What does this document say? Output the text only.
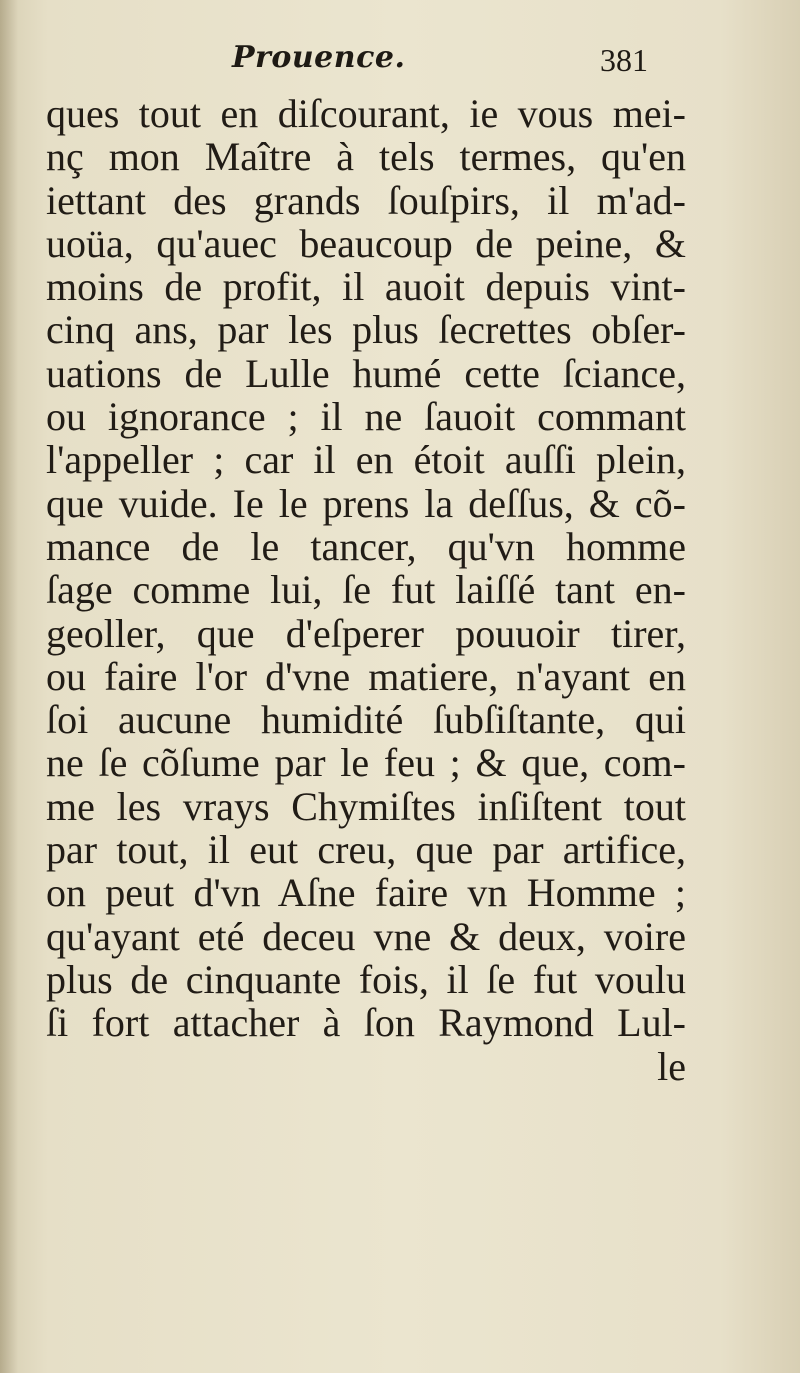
Prouence.	381
ques tout en diſcourant, ie vous mei-
nç mon Maître à tels termes, qu'en
iettant des grands ſouſpirs, il m'ad-
uoüa, qu'auec beaucoup de peine, &
moins de profit, il auoit depuis vint-
cinq ans, par les plus ſecrettes obſer-
uations de Lulle humé cette ſciance,
ou ignorance ; il ne ſauoit commant
l'appeller ; car il en étoit auſſi plein,
que vuide. Ie le prens la deſſus, & cõ-
mance de le tancer, qu'vn homme
ſage comme lui, ſe fut laiſſé tant en-
geoller, que d'eſperer pouuoir tirer,
ou faire l'or d'vne matiere, n'ayant en
ſoi aucune humidité ſubſiſtante, qui
ne ſe cõſume par le feu ; & que, com-
me les vrays Chymiſtes inſiſtent tout
par tout, il eut creu, que par artifice,
on peut d'vn Aſne faire vn Homme ;
qu'ayant eté deceu vne & deux, voire
plus de cinquante fois, il ſe fut voulu
ſi fort attacher à ſon Raymond Lul-
le
